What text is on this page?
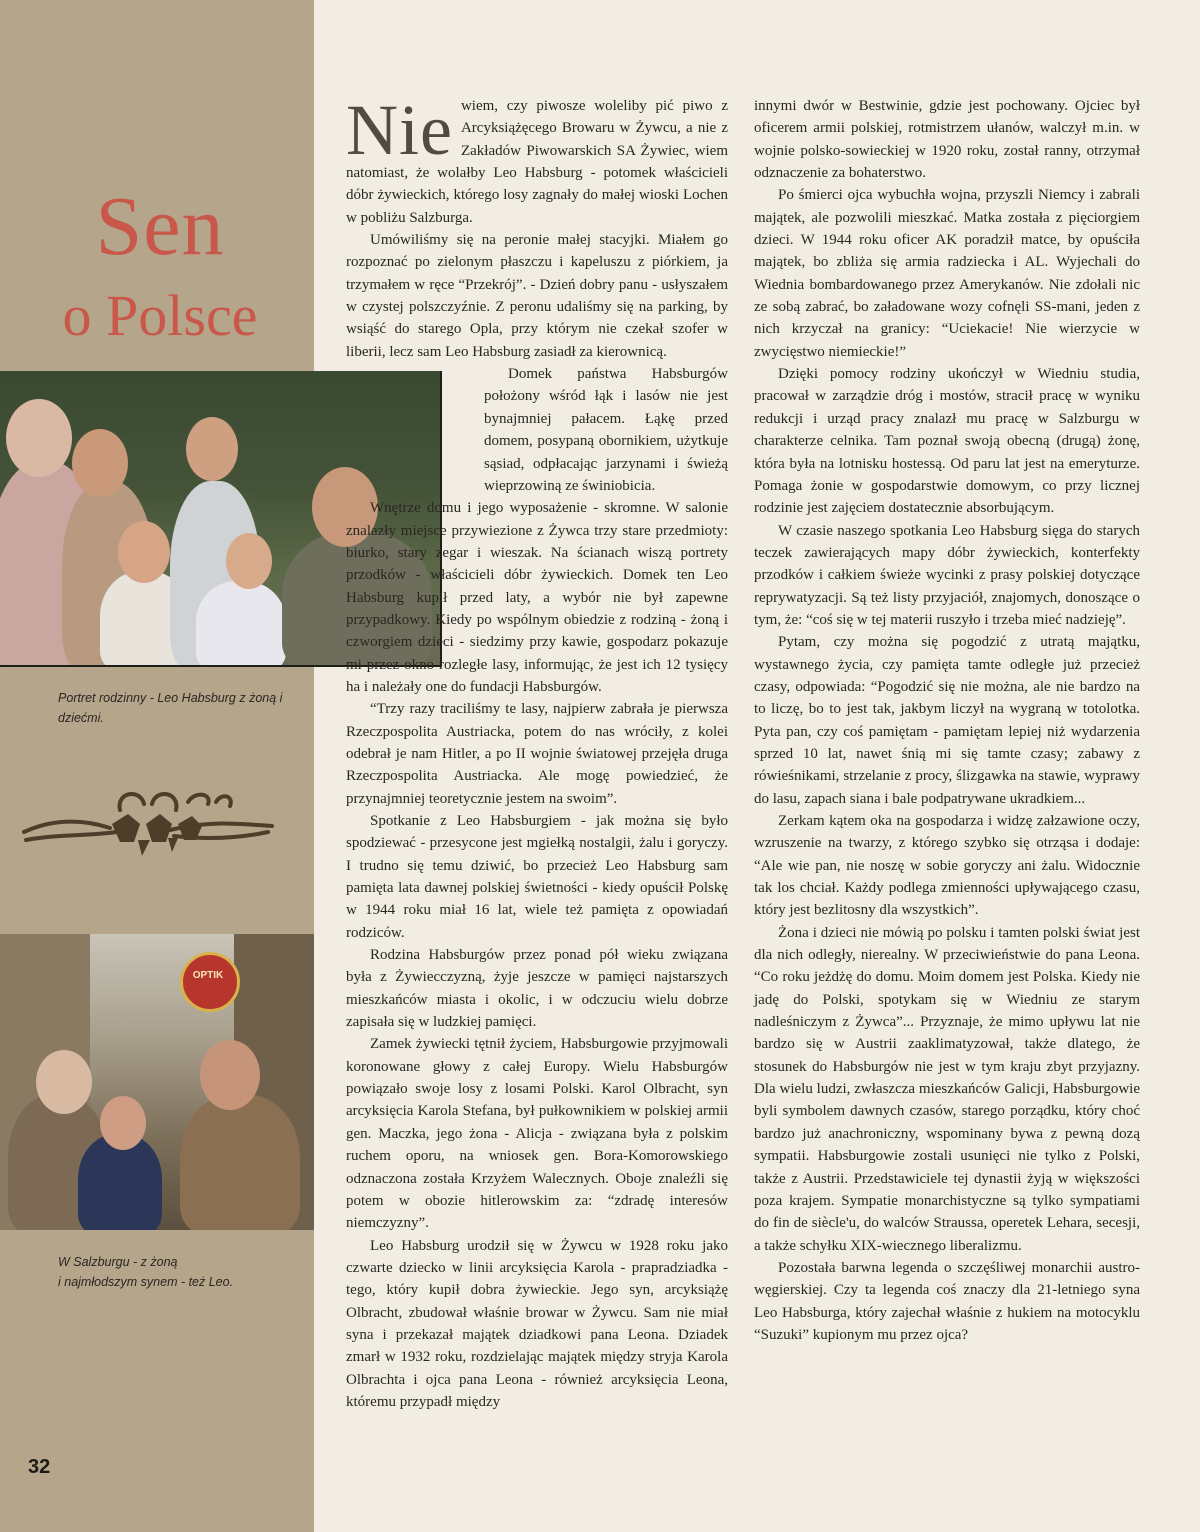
Sen
o Polsce

Portret rodzinny - Leo Habsburg z żoną i dziećmi.

OPTIK

W Salzburgu - z żoną
i najmłodszym synem - też Leo.

Nie wiem, czy piwosze woleliby pić piwo z Arcyksiążęcego Browaru w Żywcu, a nie z Zakładów Piwowarskich SA Żywiec, wiem natomiast, że wolałby Leo Habsburg - potomek właścicieli dóbr żywieckich, którego losy zagnały do małej wioski Lochen w pobliżu Salzburga.

Umówiliśmy się na peronie małej stacyjki. Miałem go rozpoznać po zielonym płaszczu i kapeluszu z piórkiem, ja trzymałem w ręce “Przekrój”. - Dzień dobry panu - usłyszałem w czystej polszczyźnie. Z peronu udaliśmy się na parking, by wsiąść do starego Opla, przy którym nie czekał szofer w liberii, lecz sam Leo Habsburg zasiadł za kierownicą.

Domek państwa Habsburgów położony wśród łąk i lasów nie jest bynajmniej pałacem. Łąkę przed domem, posypaną obornikiem, użytkuje sąsiad, odpłacając jarzynami i świeżą wieprzowiną ze świniobicia.

Wnętrze domu i jego wyposażenie - skromne. W salonie znalazły miejsce przywiezione z Żywca trzy stare przedmioty: biurko, stary zegar i wieszak. Na ścianach wiszą portrety przodków - właścicieli dóbr żywieckich. Domek ten Leo Habsburg kupił przed laty, a wybór nie był zapewne przypadkowy. Kiedy po wspólnym obiedzie z rodziną - żoną i czworgiem dzieci - siedzimy przy kawie, gospodarz pokazuje mi przez okno rozległe lasy, informując, że jest ich 12 tysięcy ha i należały one do fundacji Habsburgów.

“Trzy razy traciliśmy te lasy, najpierw zabrała je pierwsza Rzeczpospolita Austriacka, potem do nas wróciły, z kolei odebrał je nam Hitler, a po II wojnie światowej przejęła druga Rzeczpospolita Austriacka. Ale mogę powiedzieć, że przynajmniej teoretycznie jestem na swoim”.

Spotkanie z Leo Habsburgiem - jak można się było spodziewać - przesycone jest mgiełką nostalgii, żalu i goryczy. I trudno się temu dziwić, bo przecież Leo Habsburg sam pamięta lata dawnej polskiej świetności - kiedy opuścił Polskę w 1944 roku miał 16 lat, wiele też pamięta z opowiadań rodziców.

Rodzina Habsburgów przez ponad pół wieku związana była z Żywiecczyzną, żyje jeszcze w pamięci najstarszych mieszkańców miasta i okolic, i w odczuciu wielu dobrze zapisała się w ludzkiej pamięci.

Zamek żywiecki tętnił życiem, Habsburgowie przyjmowali koronowane głowy z całej Europy. Wielu Habsburgów powiązało swoje losy z losami Polski. Karol Olbracht, syn arcyksięcia Karola Stefana, był pułkownikiem w polskiej armii gen. Maczka, jego żona - Alicja - związana była z polskim ruchem oporu, na wniosek gen. Bora-Komorowskiego odznaczona została Krzyżem Walecznych. Oboje znaleźli się potem w obozie hitlerowskim za: “zdradę interesów niemczyzny”.

Leo Habsburg urodził się w Żywcu w 1928 roku jako czwarte dziecko w linii arcyksięcia Karola - prapradziadka - tego, który kupił dobra żywieckie. Jego syn, arcyksiążę Olbracht, zbudował właśnie browar w Żywcu. Sam nie miał syna i przekazał majątek dziadkowi pana Leona. Dziadek zmarł w 1932 roku, rozdzielając majątek między stryja Karola Olbrachta i ojca pana Leona - również arcyksięcia Leona, któremu przypadł między

innymi dwór w Bestwinie, gdzie jest pochowany. Ojciec był oficerem armii polskiej, rotmistrzem ułanów, walczył m.in. w wojnie polsko-sowieckiej w 1920 roku, został ranny, otrzymał odznaczenie za bohaterstwo.

Po śmierci ojca wybuchła wojna, przyszli Niemcy i zabrali majątek, ale pozwolili mieszkać. Matka została z pięciorgiem dzieci. W 1944 roku oficer AK poradził matce, by opuściła majątek, bo zbliża się armia radziecka i AL. Wyjechali do Wiednia bombardowanego przez Amerykanów. Nie zdołali nic ze sobą zabrać, bo załadowane wozy cofnęli SS-mani, jeden z nich krzyczał na granicy: “Uciekacie! Nie wierzycie w zwycięstwo niemieckie!”

Dzięki pomocy rodziny ukończył w Wiedniu studia, pracował w zarządzie dróg i mostów, stracił pracę w wyniku redukcji i urząd pracy znalazł mu pracę w Salzburgu w charakterze celnika. Tam poznał swoją obecną (drugą) żonę, która była na lotnisku hostessą. Od paru lat jest na emeryturze. Pomaga żonie w gospodarstwie domowym, co przy licznej rodzinie jest zajęciem dostatecznie absorbującym.

W czasie naszego spotkania Leo Habsburg sięga do starych teczek zawierających mapy dóbr żywieckich, konterfekty przodków i całkiem świeże wycinki z prasy polskiej dotyczące reprywatyzacji. Są też listy przyjaciół, znajomych, donoszące o tym, że: “coś się w tej materii ruszyło i trzeba mieć nadzieję”.

Pytam, czy można się pogodzić z utratą majątku, wystawnego życia, czy pamięta tamte odległe już przecież czasy, odpowiada: “Pogodzić się nie można, ale nie bardzo na to liczę, bo to jest tak, jakbym liczył na wygraną w totolotka. Pyta pan, czy coś pamiętam - pamiętam lepiej niż wydarzenia sprzed 10 lat, nawet śnią mi się tamte czasy; zabawy z rówieśnikami, strzelanie z procy, ślizgawka na stawie, wyprawy do lasu, zapach siana i bale podpatrywane ukradkiem...

Zerkam kątem oka na gospodarza i widzę załzawione oczy, wzruszenie na twarzy, z którego szybko się otrząsa i dodaje: “Ale wie pan, nie noszę w sobie goryczy ani żalu. Widocznie tak los chciał. Każdy podlega zmienności upływającego czasu, który jest bezlitosny dla wszystkich”.

Żona i dzieci nie mówią po polsku i tamten polski świat jest dla nich odległy, nierealny. W przeciwieństwie do pana Leona. “Co roku jeżdżę do domu. Moim domem jest Polska. Kiedy nie jadę do Polski, spotykam się w Wiedniu ze starym nadleśniczym z Żywca”... Przyznaje, że mimo upływu lat nie bardzo się w Austrii zaaklimatyzował, także dlatego, że stosunek do Habsburgów nie jest w tym kraju zbyt przyjazny. Dla wielu ludzi, zwłaszcza mieszkańców Galicji, Habsburgowie byli symbolem dawnych czasów, starego porządku, który choć bardzo już anachroniczny, wspominany bywa z pewną dozą sympatii. Habsburgowie zostali usunięci nie tylko z Polski, także z Austrii. Przedstawiciele tej dynastii żyją w większości poza krajem. Sympatie monarchistyczne są tylko sympatiami do fin de siècle'u, do walców Straussa, operetek Lehara, secesji, a także schyłku XIX-wiecznego liberalizmu.

Pozostała barwna legenda o szczęśliwej monarchii austro-węgierskiej. Czy ta legenda coś znaczy dla 21-letniego syna Leo Habsburga, który zajechał właśnie z hukiem na motocyklu “Suzuki” kupionym mu przez ojca?

32
